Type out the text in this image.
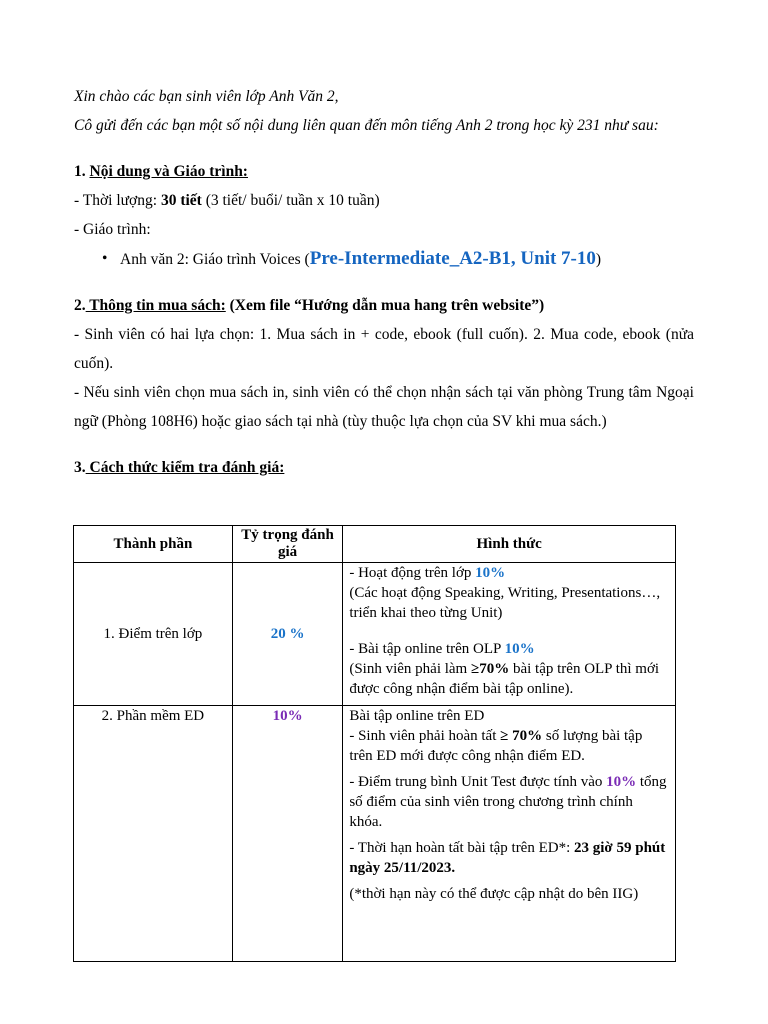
Xin chào các bạn sinh viên lớp Anh Văn 2,

Cô gửi đến các bạn một số nội dung liên quan đến môn tiếng Anh 2 trong học kỳ 231 như sau:

1. Nội dung và Giáo trình:

- Thời lượng: 30 tiết (3 tiết/ buổi/ tuần x 10 tuần)

- Giáo trình:

• Anh văn 2: Giáo trình Voices (Pre-Intermediate_A2-B1, Unit 7-10)
2. Thông tin mua sách: (Xem file “Hướng dẫn mua hang trên website”)

- Sinh viên có hai lựa chọn: 1. Mua sách in + code, ebook (full cuốn). 2. Mua code, ebook (nửa cuốn).

- Nếu sinh viên chọn mua sách in, sinh viên có thể chọn nhận sách tại văn phòng Trung tâm Ngoại ngữ (Phòng 108H6) hoặc giao sách tại nhà (tùy thuộc lựa chọn của SV khi mua sách.)

3. Cách thức kiểm tra đánh giá:
Thành phần	Tỷ trọng đánh giá	Hình thức
1. Điểm trên lớp	20 %	- Hoạt động trên lớp 10%
(Các hoạt động Speaking, Writing, Presentations…, triển khai theo từng Unit)
- Bài tập online trên OLP 10%
(Sinh viên phải làm ≥70% bài tập trên OLP thì mới được công nhận điểm bài tập online).

2. Phần mềm ED	10%	Bài tập online trên ED

- Sinh viên phải hoàn tất ≥ 70% số lượng bài tập trên ED mới được công nhận điểm ED.

- Điểm trung bình Unit Test được tính vào 10% tổng số điểm của sinh viên trong chương trình chính khóa.

- Thời hạn hoàn tất bài tập trên ED*: 23 giờ 59 phút ngày 25/11/2023.

(*thời hạn này có thể được cập nhật do bên IIG)
